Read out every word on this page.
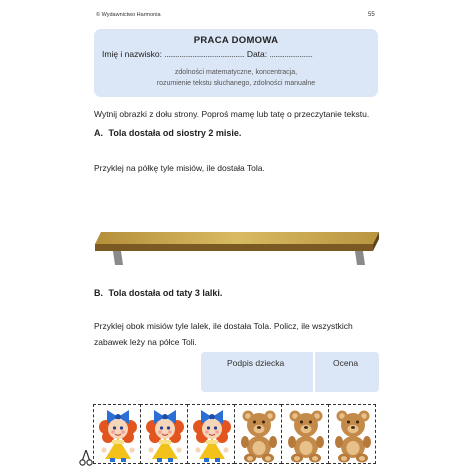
© Wydawnictwo Harmonia	55
PRACA DOMOWA
Imię i nazwisko: ........................................... Data: .......................
zdolności matematyczne, koncentracja,
rozumienie tekstu słuchanego, zdolności manualne
Wytnij obrazki z dołu strony. Poproś mamę lub tatę o przeczytanie tekstu.
A. Tola dostała od siostry 2 misie.
Przyklej na półkę tyle misiów, ile dostała Tola.
B. Tola dostała od taty 3 lalki.
Przyklej obok misiów tyle lalek, ile dostała Tola. Policz, ile wszystkich zabawek leży na półce Toli.
Podpis dziecka	Ocena
